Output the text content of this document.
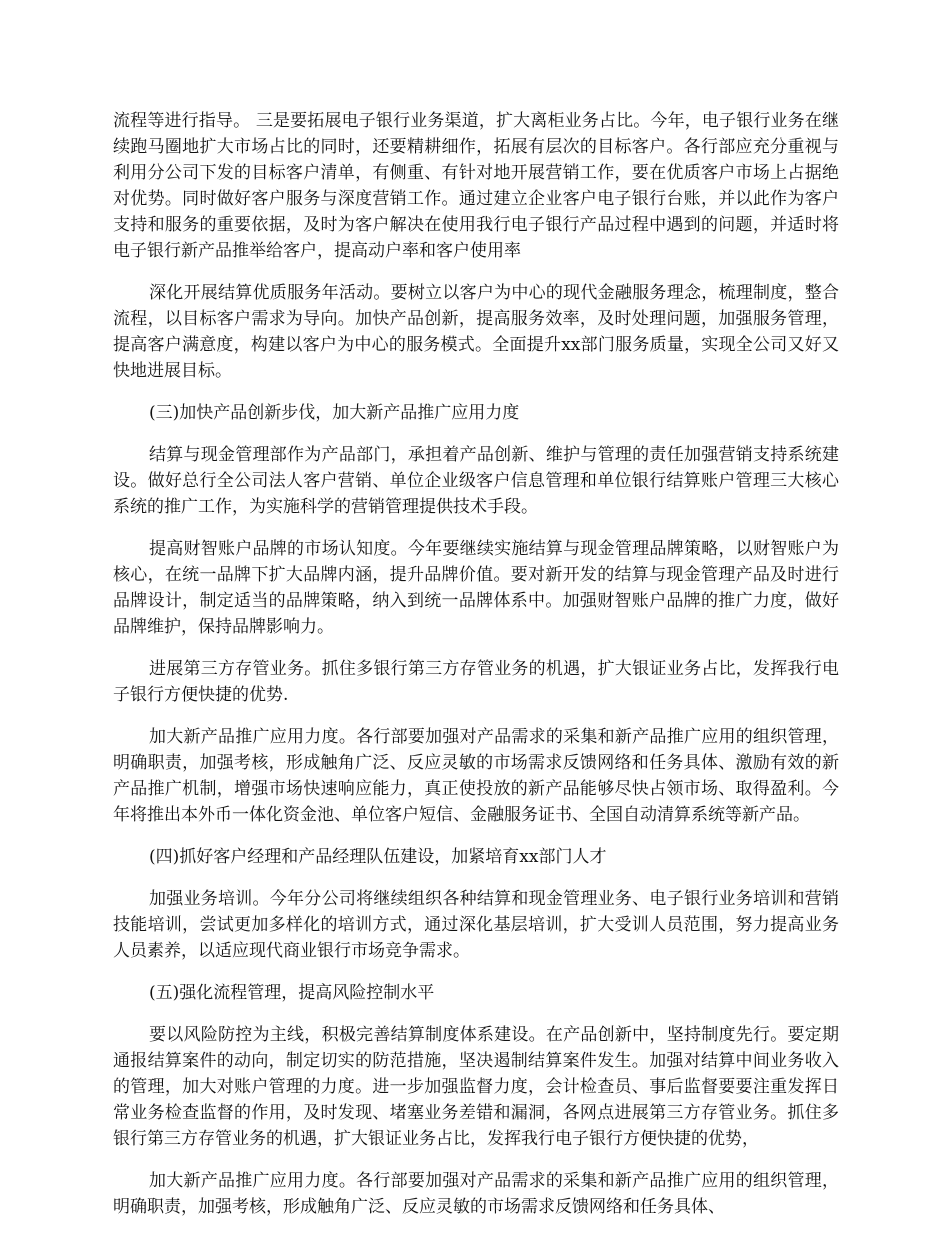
流程等进行指导。 三是要拓展电子银行业务渠道，扩大离柜业务占比。今年，电子银行业务在继续跑马圈地扩大市场占比的同时，还要精耕细作，拓展有层次的目标客户。各行部应充分重视与利用分公司下发的目标客户清单，有侧重、有针对地开展营销工作，要在优质客户市场上占据绝对优势。同时做好客户服务与深度营销工作。通过建立企业客户电子银行台账，并以此作为客户支持和服务的重要依据，及时为客户解决在使用我行电子银行产品过程中遇到的问题，并适时将电子银行新产品推举给客户，提高动户率和客户使用率

深化开展结算优质服务年活动。要树立以客户为中心的现代金融服务理念，梳理制度，整合流程，以目标客户需求为导向。加快产品创新，提高服务效率，及时处理问题，加强服务管理，提高客户满意度，构建以客户为中心的服务模式。全面提升xx部门服务质量，实现全公司又好又快地进展目标。

(三)加快产品创新步伐，加大新产品推广应用力度

结算与现金管理部作为产品部门，承担着产品创新、维护与管理的责任加强营销支持系统建设。做好总行全公司法人客户营销、单位企业级客户信息管理和单位银行结算账户管理三大核心系统的推广工作，为实施科学的营销管理提供技术手段。

提高财智账户品牌的市场认知度。今年要继续实施结算与现金管理品牌策略，以财智账户为核心，在统一品牌下扩大品牌内涵，提升品牌价值。要对新开发的结算与现金管理产品及时进行品牌设计，制定适当的品牌策略，纳入到统一品牌体系中。加强财智账户品牌的推广力度，做好品牌维护，保持品牌影响力。

进展第三方存管业务。抓住多银行第三方存管业务的机遇，扩大银证业务占比，发挥我行电子银行方便快捷的优势.

加大新产品推广应用力度。各行部要加强对产品需求的采集和新产品推广应用的组织管理，明确职责，加强考核，形成触角广泛、反应灵敏的市场需求反馈网络和任务具体、激励有效的新产品推广机制，增强市场快速响应能力，真正使投放的新产品能够尽快占领市场、取得盈利。今年将推出本外币一体化资金池、单位客户短信、金融服务证书、全国自动清算系统等新产品。

(四)抓好客户经理和产品经理队伍建设，加紧培育xx部门人才

加强业务培训。今年分公司将继续组织各种结算和现金管理业务、电子银行业务培训和营销技能培训，尝试更加多样化的培训方式，通过深化基层培训，扩大受训人员范围，努力提高业务人员素养，以适应现代商业银行市场竞争需求。

(五)强化流程管理，提高风险控制水平

要以风险防控为主线，积极完善结算制度体系建设。在产品创新中，坚持制度先行。要定期通报结算案件的动向，制定切实的防范措施，坚决遏制结算案件发生。加强对结算中间业务收入的管理，加大对账户管理的力度。进一步加强监督力度，会计检查员、事后监督要要注重发挥日常业务检查监督的作用，及时发现、堵塞业务差错和漏洞，各网点进展第三方存管业务。抓住多银行第三方存管业务的机遇，扩大银证业务占比，发挥我行电子银行方便快捷的优势，

加大新产品推广应用力度。各行部要加强对产品需求的采集和新产品推广应用的组织管理，明确职责，加强考核，形成触角广泛、反应灵敏的市场需求反馈网络和任务具体、
